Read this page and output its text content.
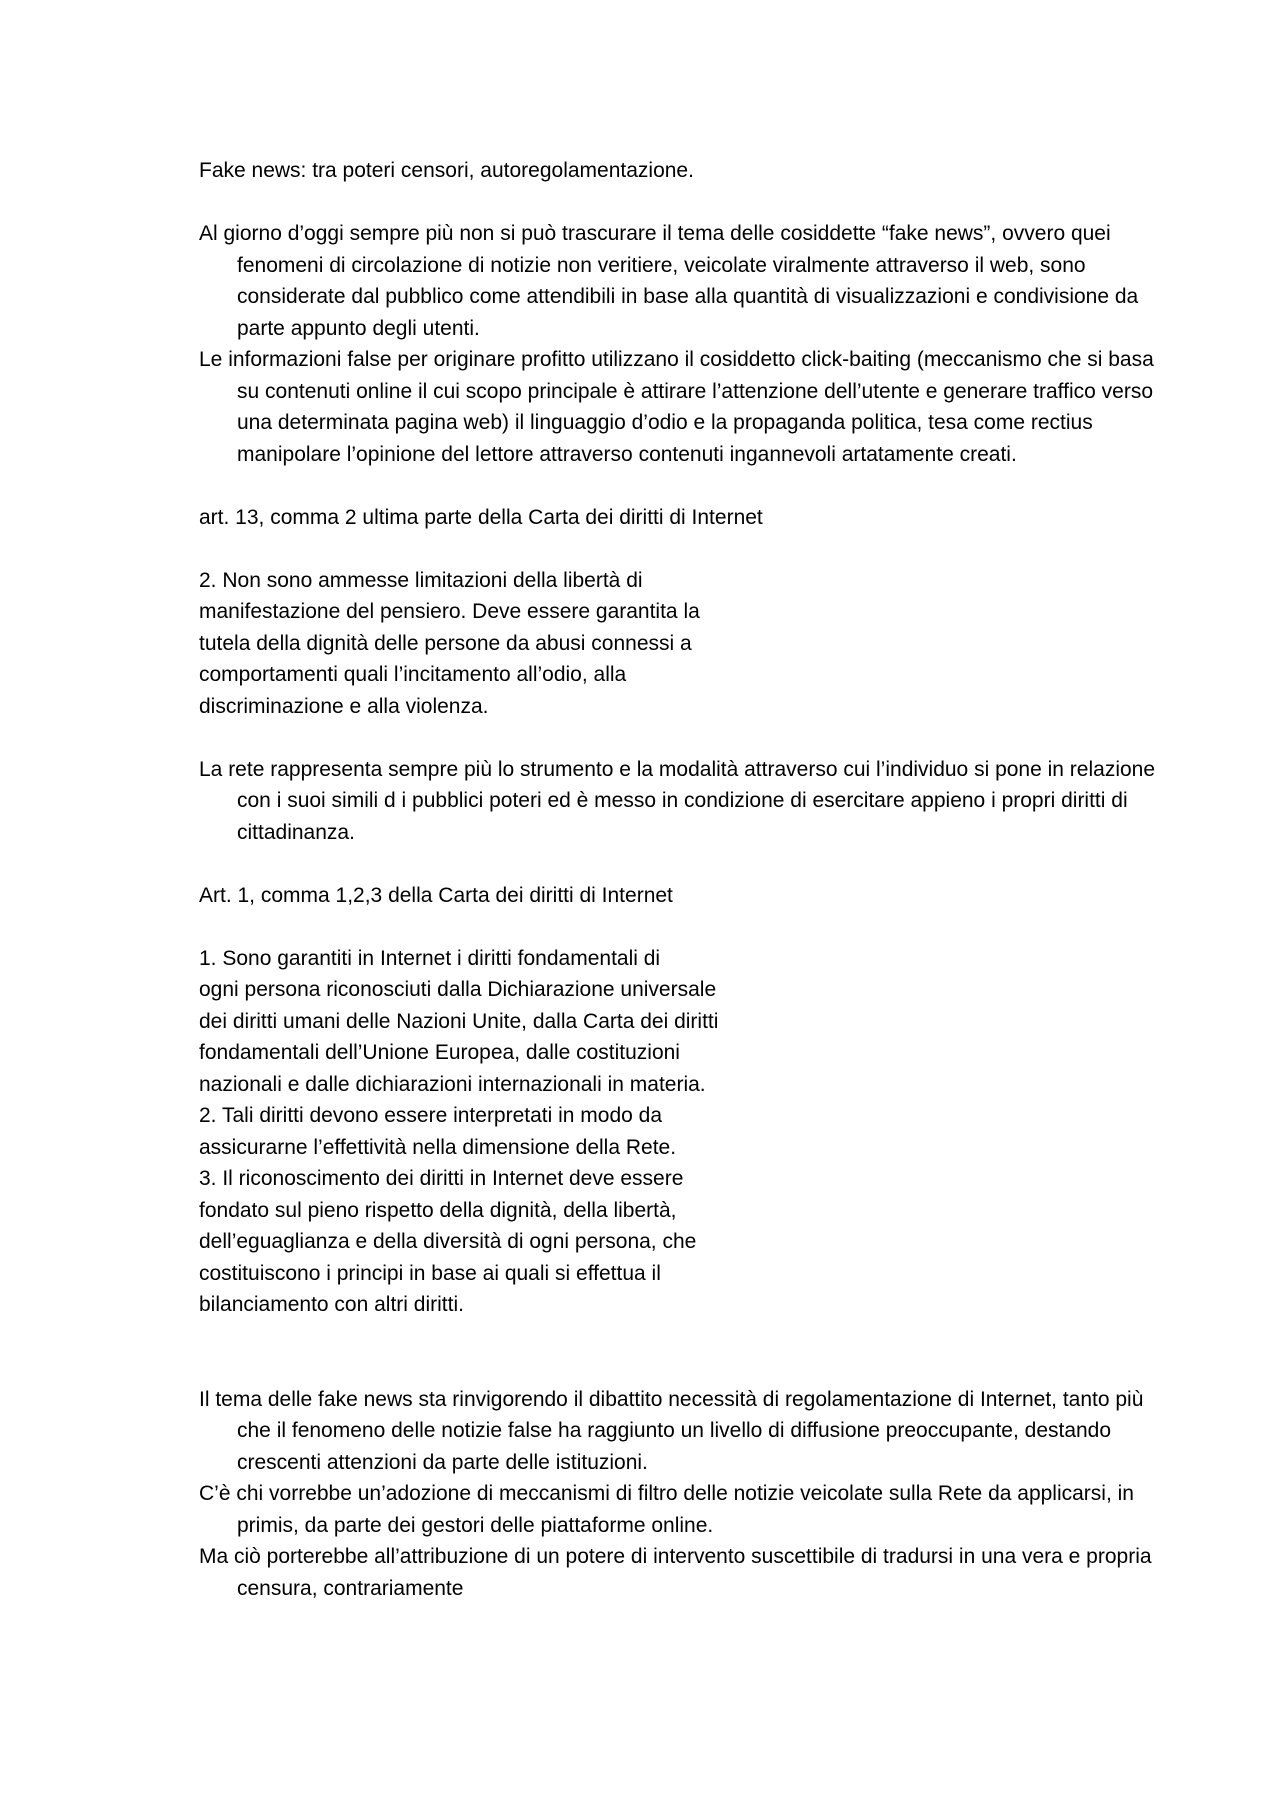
Fake news: tra poteri censori, autoregolamentazione.

Al giorno d’oggi sempre più non si può trascurare il tema delle cosiddette “fake news”, ovvero quei fenomeni di circolazione di notizie non veritiere, veicolate viralmente attraverso il web, sono considerate dal pubblico come attendibili in base alla quantità di visualizzazioni e condivisione da parte appunto degli utenti.

Le informazioni false per originare profitto utilizzano il cosiddetto click-baiting (meccanismo che si basa su contenuti online il cui scopo principale è attirare l’attenzione dell’utente e generare traffico verso una determinata pagina web) il linguaggio d’odio e la propaganda politica, tesa come rectius manipolare l’opinione del lettore attraverso contenuti ingannevoli artatamente creati.

art. 13, comma 2 ultima parte della Carta dei diritti di Internet

2. Non sono ammesse limitazioni della libertà di
manifestazione del pensiero. Deve essere garantita la
tutela della dignità delle persone da abusi connessi a
comportamenti quali l’incitamento all’odio, alla
discriminazione e alla violenza.

La rete rappresenta sempre più lo strumento e la modalità attraverso cui l’individuo si pone in relazione con i suoi simili d i pubblici poteri ed è messo in condizione di esercitare appieno i propri diritti di cittadinanza.

Art. 1, comma 1,2,3 della Carta dei diritti di Internet

1. Sono garantiti in Internet i diritti fondamentali di
ogni persona riconosciuti dalla Dichiarazione universale
dei diritti umani delle Nazioni Unite, dalla Carta dei diritti
fondamentali dell’Unione Europea, dalle costituzioni
nazionali e dalle dichiarazioni internazionali in materia.
2. Tali diritti devono essere interpretati in modo da
assicurarne l’effettività nella dimensione della Rete.
3. Il riconoscimento dei diritti in Internet deve essere
fondato sul pieno rispetto della dignità, della libertà,
dell’eguaglianza e della diversità di ogni persona, che
costituiscono i principi in base ai quali si effettua il
bilanciamento con altri diritti.

Il tema delle fake news sta rinvigorendo il dibattito necessità di regolamentazione di Internet, tanto più che il fenomeno delle notizie false ha raggiunto un livello di diffusione preoccupante, destando crescenti attenzioni da parte delle istituzioni.

C’è chi vorrebbe un’adozione di meccanismi di filtro delle notizie veicolate sulla Rete da applicarsi, in primis, da parte dei gestori delle piattaforme online.

Ma ciò porterebbe all’attribuzione di un potere di intervento suscettibile di tradursi in una vera e propria censura, contrariamente
